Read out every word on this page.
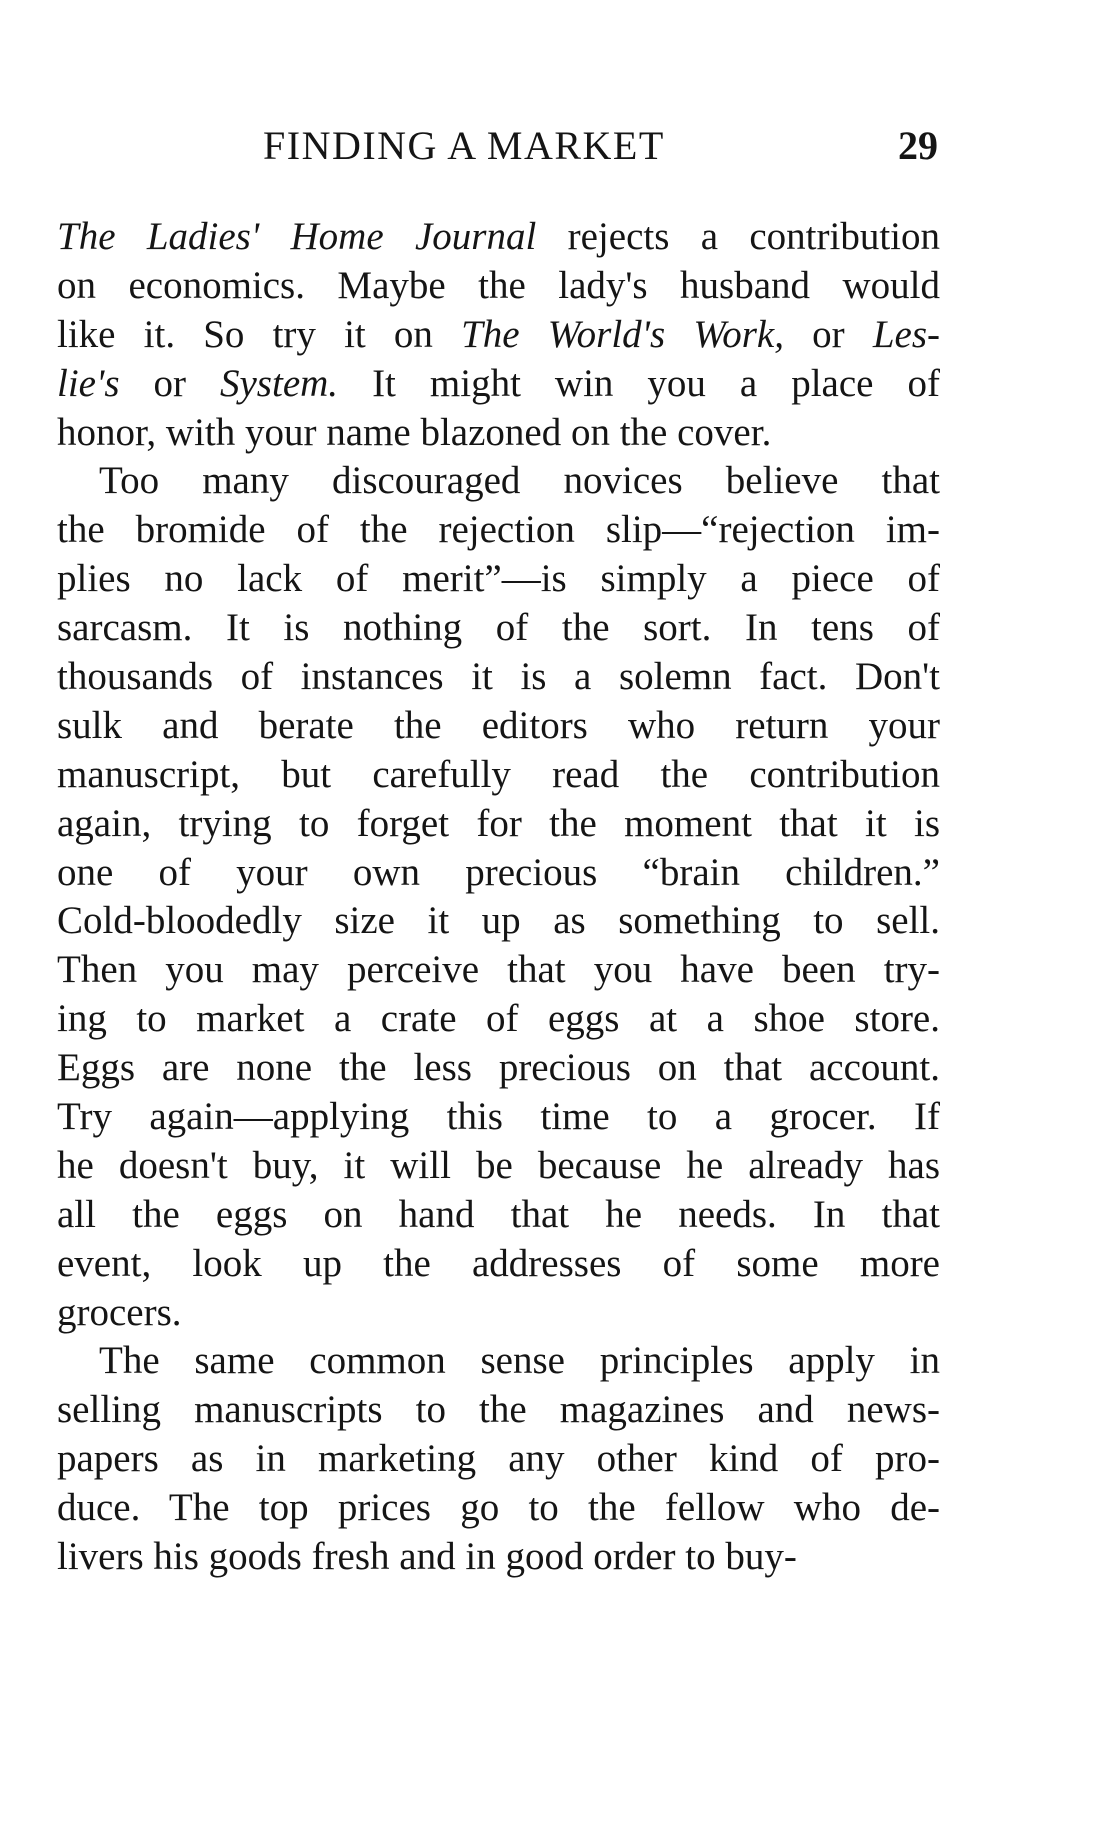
FINDING A MARKET	29
The Ladies' Home Journal rejects a contribution
on economics. Maybe the lady's husband would
like it. So try it on The World's Work, or Les-
lie's or System. It might win you a place of
honor, with your name blazoned on the cover.
Too many discouraged novices believe that
the bromide of the rejection slip—“rejection im-
plies no lack of merit”—is simply a piece of
sarcasm. It is nothing of the sort. In tens of
thousands of instances it is a solemn fact. Don't
sulk and berate the editors who return your
manuscript, but carefully read the contribution
again, trying to forget for the moment that it is
one of your own precious “brain children.”
Cold-bloodedly size it up as something to sell.
Then you may perceive that you have been try-
ing to market a crate of eggs at a shoe store.
Eggs are none the less precious on that account.
Try again—applying this time to a grocer. If
he doesn't buy, it will be because he already has
all the eggs on hand that he needs. In that
event, look up the addresses of some more
grocers.
The same common sense principles apply in
selling manuscripts to the magazines and news-
papers as in marketing any other kind of pro-
duce. The top prices go to the fellow who de-
livers his goods fresh and in good order to buy-
